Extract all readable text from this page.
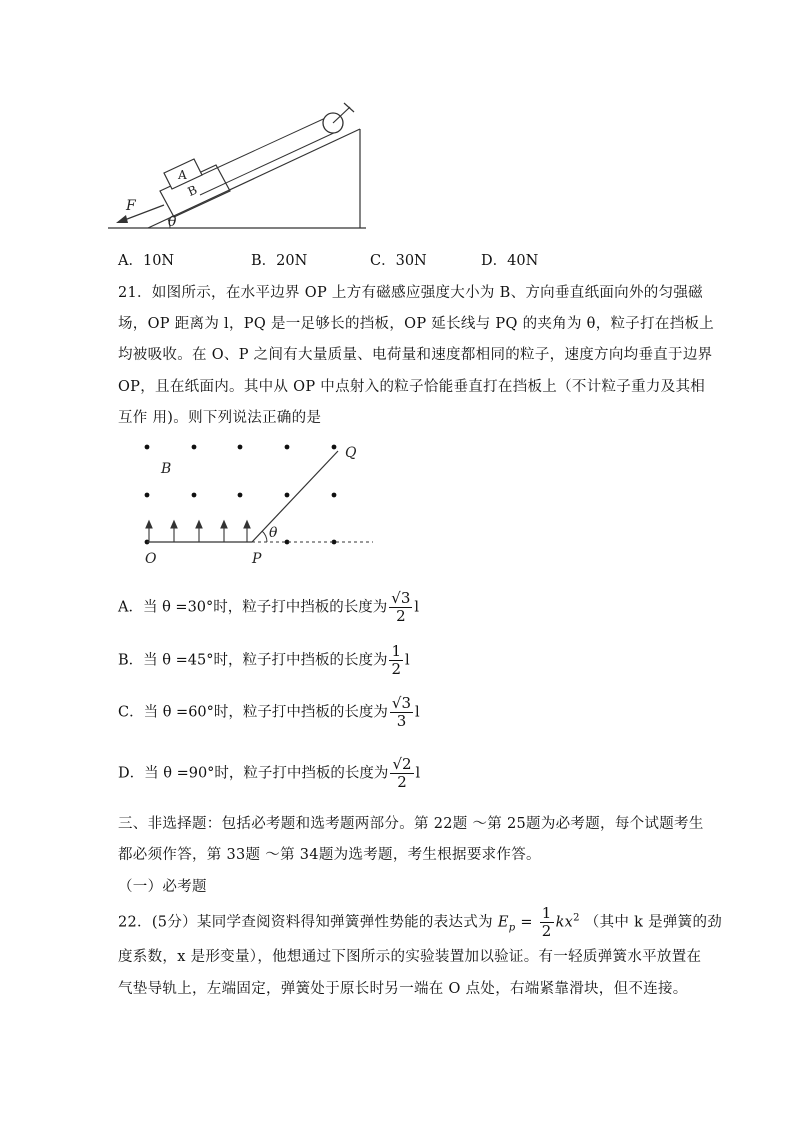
A
B
F
θ
A．10N	B．20N	C．30N	D．40N
21．如图所示，在水平边界 OP 上方有磁感应强度大小为 B、方向垂直纸面向外的匀强磁
场，OP 距离为 l，PQ 是一足够长的挡板，OP 延长线与 PQ 的夹角为 θ，粒子打在挡板上
均被吸收。在 O、P 之间有大量质量、电荷量和速度都相同的粒子，速度方向均垂直于边界
OP，且在纸面内。其中从 OP 中点射入的粒子恰能垂直打在挡板上（不计粒子重力及其相
互作 用)。则下列说法正确的是
B
Q
O	P
θ
A．当 θ =30°时，粒子打中挡板的长度为 $\frac{√3}{2}$ l
B．当 θ =45°时，粒子打中挡板的长度为 $\frac{1}{2}$ l
C．当 θ =60°时，粒子打中挡板的长度为 $\frac{√3}{3}$ l
D．当 θ =90°时，粒子打中挡板的长度为 $\frac{√2}{2}$ l
三、非选择题：包括必考题和选考题两部分。第 22题 ～第 25题为必考题，每个试题考生
都必须作答，第 33题 ～第 34题为选考题，考生根据要求作答。
（一）必考题
22．(5分）某同学查阅资料得知弹簧弹性势能的表达式为 $E_p = \frac{1}{2} kx^2$ （其中 k 是弹簧的劲
度系数，x 是形变量），他想通过下图所示的实验装置加以验证。有一轻质弹簧水平放置在
气垫导轨上，左端固定，弹簧处于原长时另一端在 O 点处，右端紧靠滑块，但不连接。
